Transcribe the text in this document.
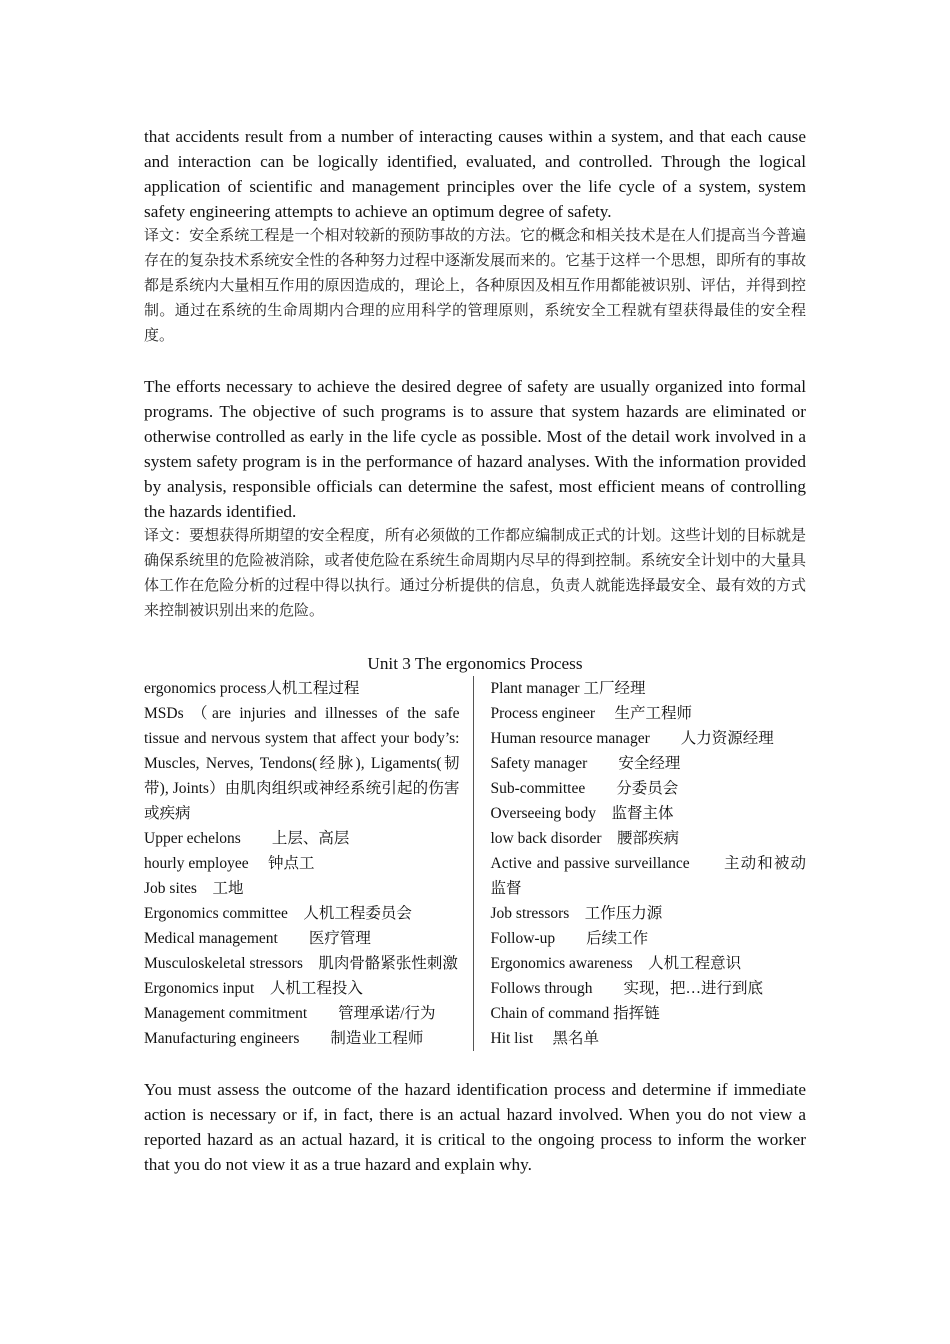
that accidents result from a number of interacting causes within a system, and that each cause and interaction can be logically identified, evaluated, and controlled. Through the logical application of scientific and management principles over the life cycle of a system, system safety engineering attempts to achieve an optimum degree of safety.

译文：安全系统工程是一个相对较新的预防事故的方法。它的概念和相关技术是在人们提高当今普遍存在的复杂技术系统安全性的各种努力过程中逐渐发展而来的。它基于这样一个思想，即所有的事故都是系统内大量相互作用的原因造成的，理论上，各种原因及相互作用都能被识别、评估，并得到控制。通过在系统的生命周期内合理的应用科学的管理原则，系统安全工程就有望获得最佳的安全程度。

The efforts necessary to achieve the desired degree of safety are usually organized into formal programs. The objective of such programs is to assure that system hazards are eliminated or otherwise controlled as early in the life cycle as possible. Most of the detail work involved in a system safety program is in the performance of hazard analyses. With the information provided by analysis, responsible officials can determine the safest, most efficient means of controlling the hazards identified.

译文：要想获得所期望的安全程度，所有必须做的工作都应编制成正式的计划。这些计划的目标就是确保系统里的危险被消除，或者使危险在系统生命周期内尽早的得到控制。系统安全计划中的大量具体工作在危险分析的过程中得以执行。通过分析提供的信息，负责人就能选择最安全、最有效的方式来控制被识别出来的危险。

Unit 3 The ergonomics Process

ergonomics process人机工程过程

MSDs （are injuries and illnesses of the safe tissue and nervous system that affect your body’s: Muscles, Nerves, Tendons(经脉), Ligaments(韧带), Joints）由肌肉组织或神经系统引起的伤害或疾病

Upper echelons　　上层、高层

hourly employee　 钟点工

Job sites　工地

Ergonomics committee　人机工程委员会

Medical management　　医疗管理

Musculoskeletal stressors　肌肉骨骼紧张性刺激

Ergonomics input　人机工程投入

Management commitment　　管理承诺/行为

Manufacturing engineers　　制造业工程师

Plant manager 工厂经理

Process engineer　 生产工程师

Human resource manager　　人力资源经理

Safety manager　　安全经理

Sub-committee　　分委员会

Overseeing body　监督主体

low back disorder　腰部疾病

Active and passive surveillance　　主动和被动监督

Job stressors　工作压力源

Follow-up　　后续工作

Ergonomics awareness　人机工程意识

Follows through　　实现，把…进行到底

Chain of command 指挥链

Hit list　 黑名单

You must assess the outcome of the hazard identification process and determine if immediate action is necessary or if, in fact, there is an actual hazard involved. When you do not view a reported hazard as an actual hazard, it is critical to the ongoing process to inform the worker that you do not view it as a true hazard and explain why.
